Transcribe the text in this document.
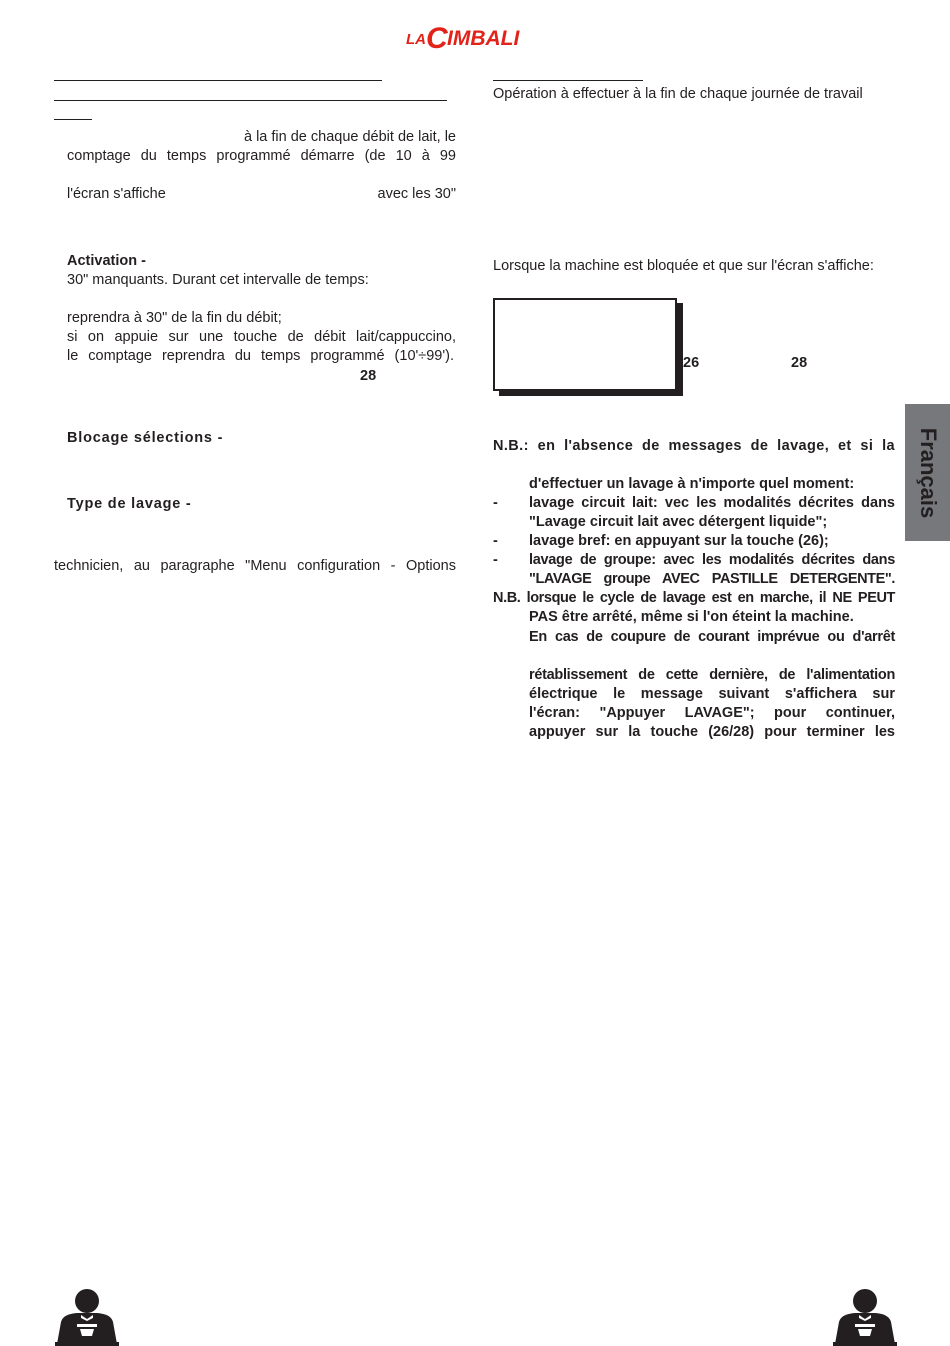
LA C IMBALI
Français
à la fin de chaque débit de lait, le
comptage du temps programmé démarre (de 10 à 99
l'écran s'affiche	avec les 30"
Activation -
30" manquants. Durant cet intervalle de temps:
reprendra à 30" de la fin du débit;
si on appuie sur une touche de débit lait/cappuccino,
le comptage reprendra du temps programmé (10'÷99').
28
Blocage sélections -
Type de lavage -
technicien, au paragraphe "Menu configuration - Options
Opération à effectuer à la fin de chaque journée de travail
Lorsque la machine est bloquée et que sur l'écran s'affiche:
26	28
N.B.: en l'absence de messages de lavage, et si la
d'effectuer un lavage à n'importe quel moment:
- lavage circuit lait: vec les modalités décrites dans
"Lavage circuit lait avec détergent liquide";
- lavage bref: en appuyant sur la touche (26);
- lavage de groupe: avec les modalités décrites dans
"LAVAGE groupe AVEC PASTILLE DETERGENTE".
N.B. lorsque le cycle de lavage est en marche, il NE PEUT
PAS être arrêté, même si l'on éteint la machine.
En cas de coupure de courant imprévue ou d'arrêt
rétablissement de cette dernière, de l'alimentation
électrique le message suivant s'affichera sur
l'écran: "Appuyer LAVAGE"; pour continuer,
appuyer sur la touche (26/28) pour terminer les
